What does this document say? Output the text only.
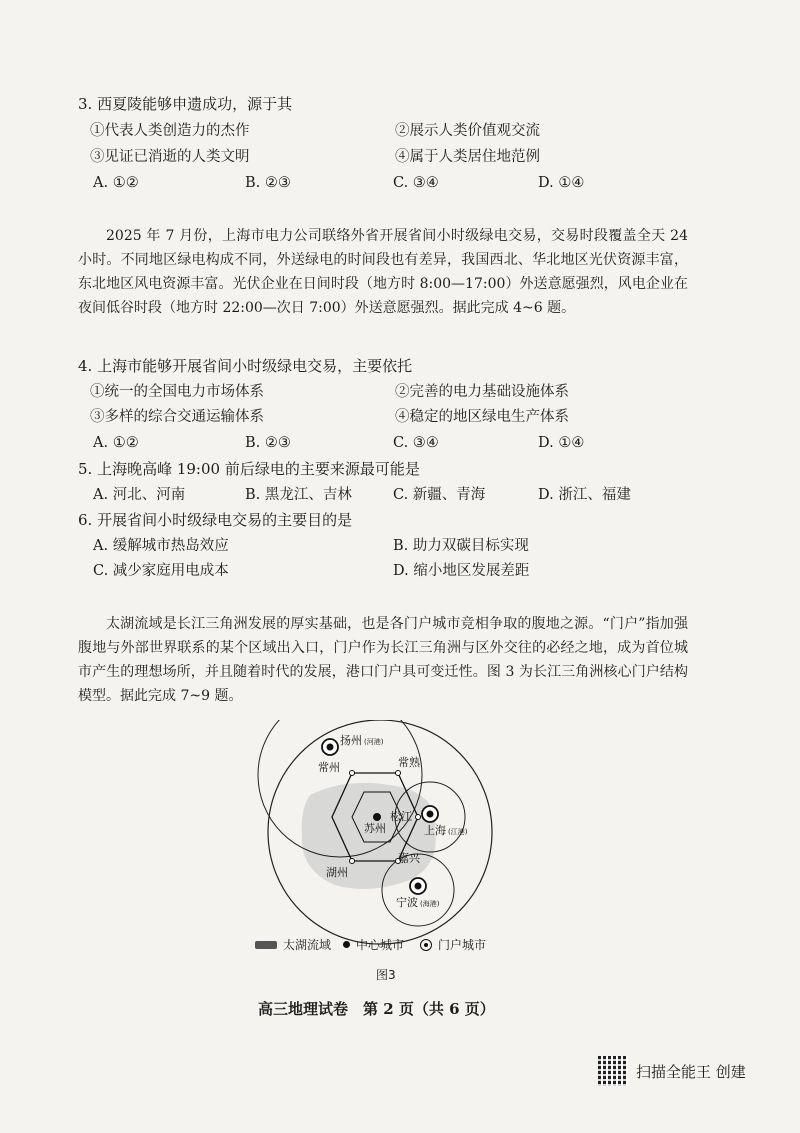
3. 西夏陵能够申遗成功，源于其
①代表人类创造力的杰作	②展示人类价值观交流
③见证已消逝的人类文明	④属于人类居住地范例
A. ①②	B. ②③	C. ③④	D. ①④
2025 年 7 月份，上海市电力公司联络外省开展省间小时级绿电交易，交易时段覆盖全天 24 小时。不同地区绿电构成不同，外送绿电的时间段也有差异，我国西北、华北地区光伏资源丰富，东北地区风电资源丰富。光伏企业在日间时段（地方时 8:00—17:00）外送意愿强烈，风电企业在夜间低谷时段（地方时 22:00—次日 7:00）外送意愿强烈。据此完成 4~6 题。
4. 上海市能够开展省间小时级绿电交易，主要依托
①统一的全国电力市场体系	②完善的电力基础设施体系
③多样的综合交通运输体系	④稳定的地区绿电生产体系
A. ①②	B. ②③	C. ③④	D. ①④
5. 上海晚高峰 19:00 前后绿电的主要来源最可能是
A. 河北、河南	B. 黑龙江、吉林	C. 新疆、青海	D. 浙江、福建
6. 开展省间小时级绿电交易的主要目的是
A. 缓解城市热岛效应	B. 助力双碳目标实现
C. 减少家庭用电成本	D. 缩小地区发展差距
太湖流域是长江三角洲发展的厚实基础，也是各门户城市竞相争取的腹地之源。“门户”指加强腹地与外部世界联系的某个区域出入口，门户作为长江三角洲与区外交往的必经之地，成为首位城市产生的理想场所，并且随着时代的发展，港口门户具可变迁性。图 3 为长江三角洲核心门户结构模型。据此完成 7~9 题。
扬州 (河港)
常州	常熟
苏州
松江
上海 (江港)
湖州
嘉兴
宁波 (海港)
太湖流域 中心城市	门户城市
图3
高三地理试卷　第 2 页（共 6 页）
扫描全能王 创建
